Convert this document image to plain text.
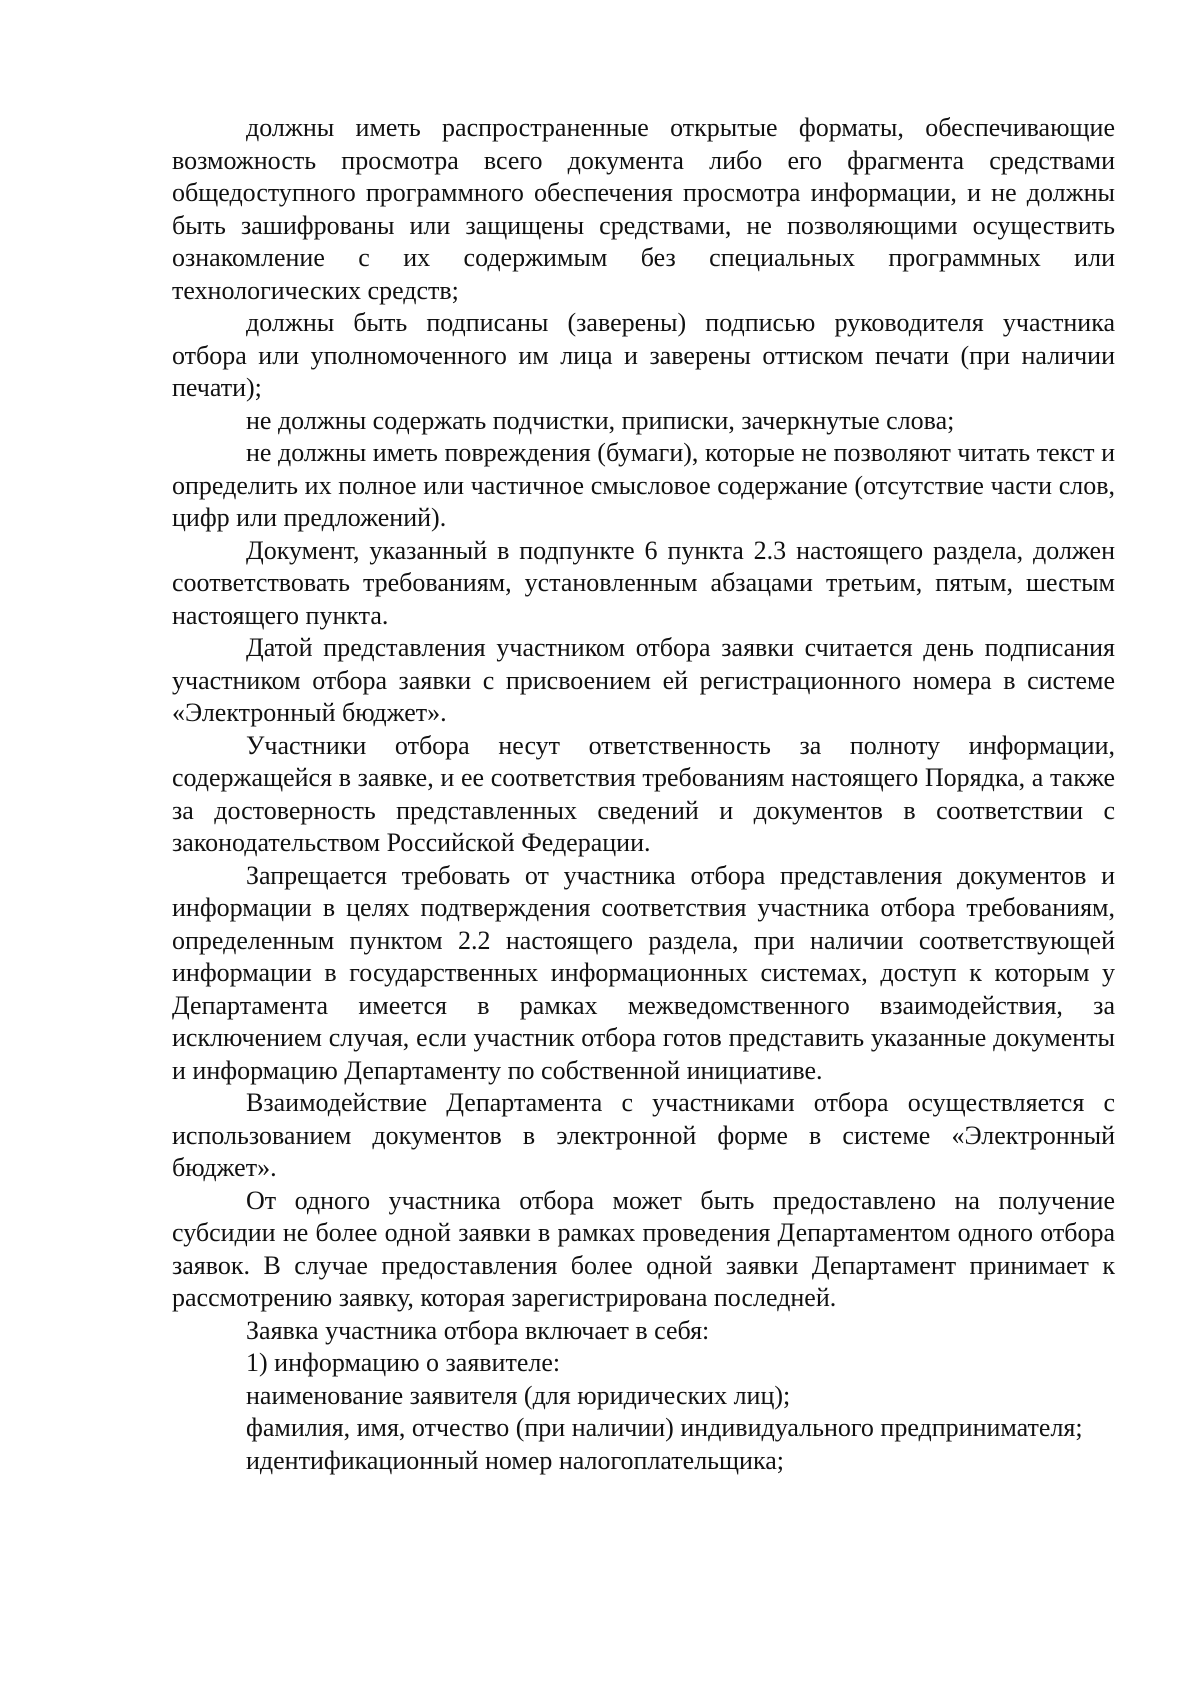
должны иметь распространенные открытые форматы, обеспечивающие возможность просмотра всего документа либо его фрагмента средствами общедоступного программного обеспечения просмотра информации, и не должны быть зашифрованы или защищены средствами, не позволяющими осуществить ознакомление с их содержимым без специальных программных или технологических средств;

должны быть подписаны (заверены) подписью руководителя участника отбора или уполномоченного им лица и заверены оттиском печати (при наличии печати);

не должны содержать подчистки, приписки, зачеркнутые слова;

не должны иметь повреждения (бумаги), которые не позволяют читать текст и определить их полное или частичное смысловое содержание (отсутствие части слов, цифр или предложений).

Документ, указанный в подпункте 6 пункта 2.3 настоящего раздела, должен соответствовать требованиям, установленным абзацами третьим, пятым, шестым настоящего пункта.

Датой представления участником отбора заявки считается день подписания участником отбора заявки с присвоением ей регистрационного номера в системе «Электронный бюджет».

Участники отбора несут ответственность за полноту информации, содержащейся в заявке, и ее соответствия требованиям настоящего Порядка, а также за достоверность представленных сведений и документов в соответствии с законодательством Российской Федерации.

Запрещается требовать от участника отбора представления документов и информации в целях подтверждения соответствия участника отбора требованиям, определенным пунктом 2.2 настоящего раздела, при наличии соответствующей информации в государственных информационных системах, доступ к которым у Департамента имеется в рамках межведомственного взаимодействия, за исключением случая, если участник отбора готов представить указанные документы и информацию Департаменту по собственной инициативе.

Взаимодействие Департамента с участниками отбора осуществляется с использованием документов в электронной форме в системе «Электронный бюджет».

От одного участника отбора может быть предоставлено на получение субсидии не более одной заявки в рамках проведения Департаментом одного отбора заявок. В случае предоставления более одной заявки Департамент принимает к рассмотрению заявку, которая зарегистрирована последней.

Заявка участника отбора включает в себя:

1) информацию о заявителе:

наименование заявителя (для юридических лиц);

фамилия, имя, отчество (при наличии) индивидуального предпринимателя;

идентификационный номер налогоплательщика;
